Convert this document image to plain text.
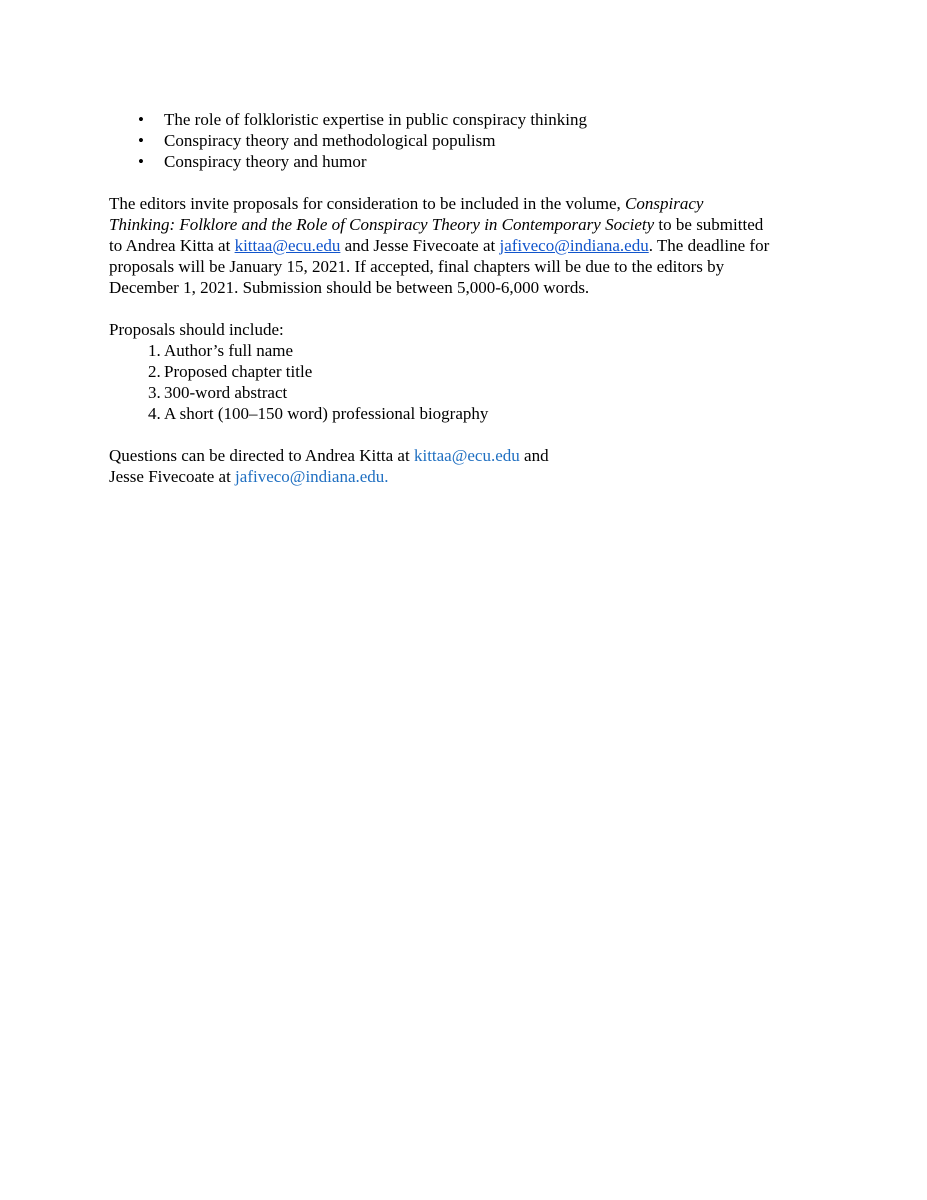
• The role of folkloristic expertise in public conspiracy thinking
• Conspiracy theory and methodological populism
• Conspiracy theory and humor
The editors invite proposals for consideration to be included in the volume, Conspiracy
Thinking: Folklore and the Role of Conspiracy Theory in Contemporary Society to be submitted
to Andrea Kitta at kittaa@ecu.edu and Jesse Fivecoate at jafiveco@indiana.edu. The deadline for
proposals will be January 15, 2021. If accepted, final chapters will be due to the editors by
December 1, 2021. Submission should be between 5,000-6,000 words.
Proposals should include:
1. Author’s full name
2. Proposed chapter title
3. 300-word abstract
4. A short (100–150 word) professional biography
Questions can be directed to Andrea Kitta at kittaa@ecu.edu and
Jesse Fivecoate at jafiveco@indiana.edu.
